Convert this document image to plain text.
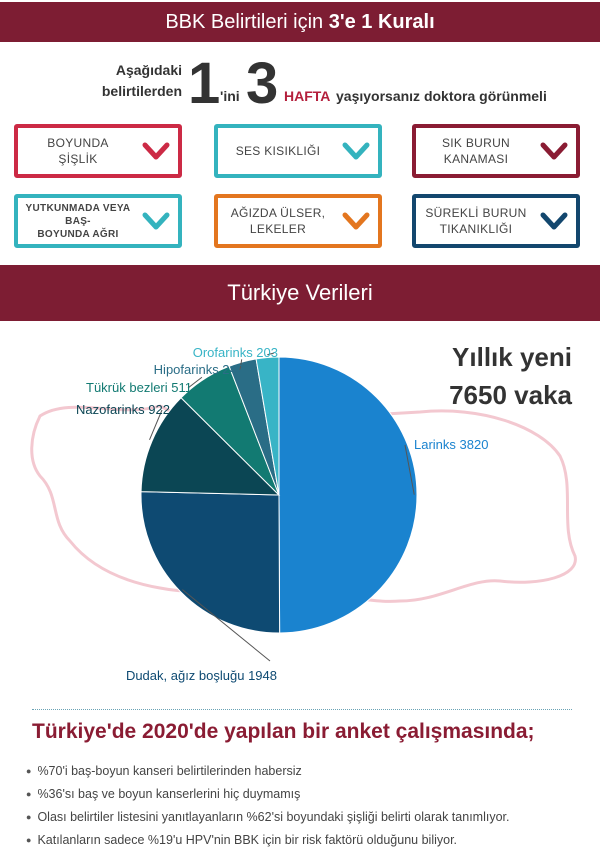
BBK Belirtileri için 3'e 1 Kuralı
Aşağıdaki
belirtilerden 1 'ini 3 HAFTA yaşıyorsanız doktora görünmeli
BOYUNDA
ŞİŞLİK
SES KISIKLIĞI
SIK BURUN
KANAMASI
YUTKUNMADA VEYA BAŞ-
BOYUNDA AĞRI
AĞIZDA ÜLSER,
LEKELER
SÜREKLİ BURUN
TIKANIKLIĞI
Türkiye Verileri
Larinks 3820
Dudak, ağız boşluğu 1948
Nazofarinks 922
Tükrük bezleri 511
Hipofarinks 247
Orofarinks 203	Yıllık yeni
7650 vaka
Türkiye'de 2020'de yapılan bir anket çalışmasında;
● %70'i baş-boyun kanseri belirtilerinden habersiz
● %36'sı baş ve boyun kanserlerini hiç duymamış
● Olası belirtiler listesini yanıtlayanların %62'si boyundaki şişliği belirti olarak tanımlıyor.
● Katılanların sadece %19'u HPV'nin BBK için bir risk faktörü olduğunu biliyor.
